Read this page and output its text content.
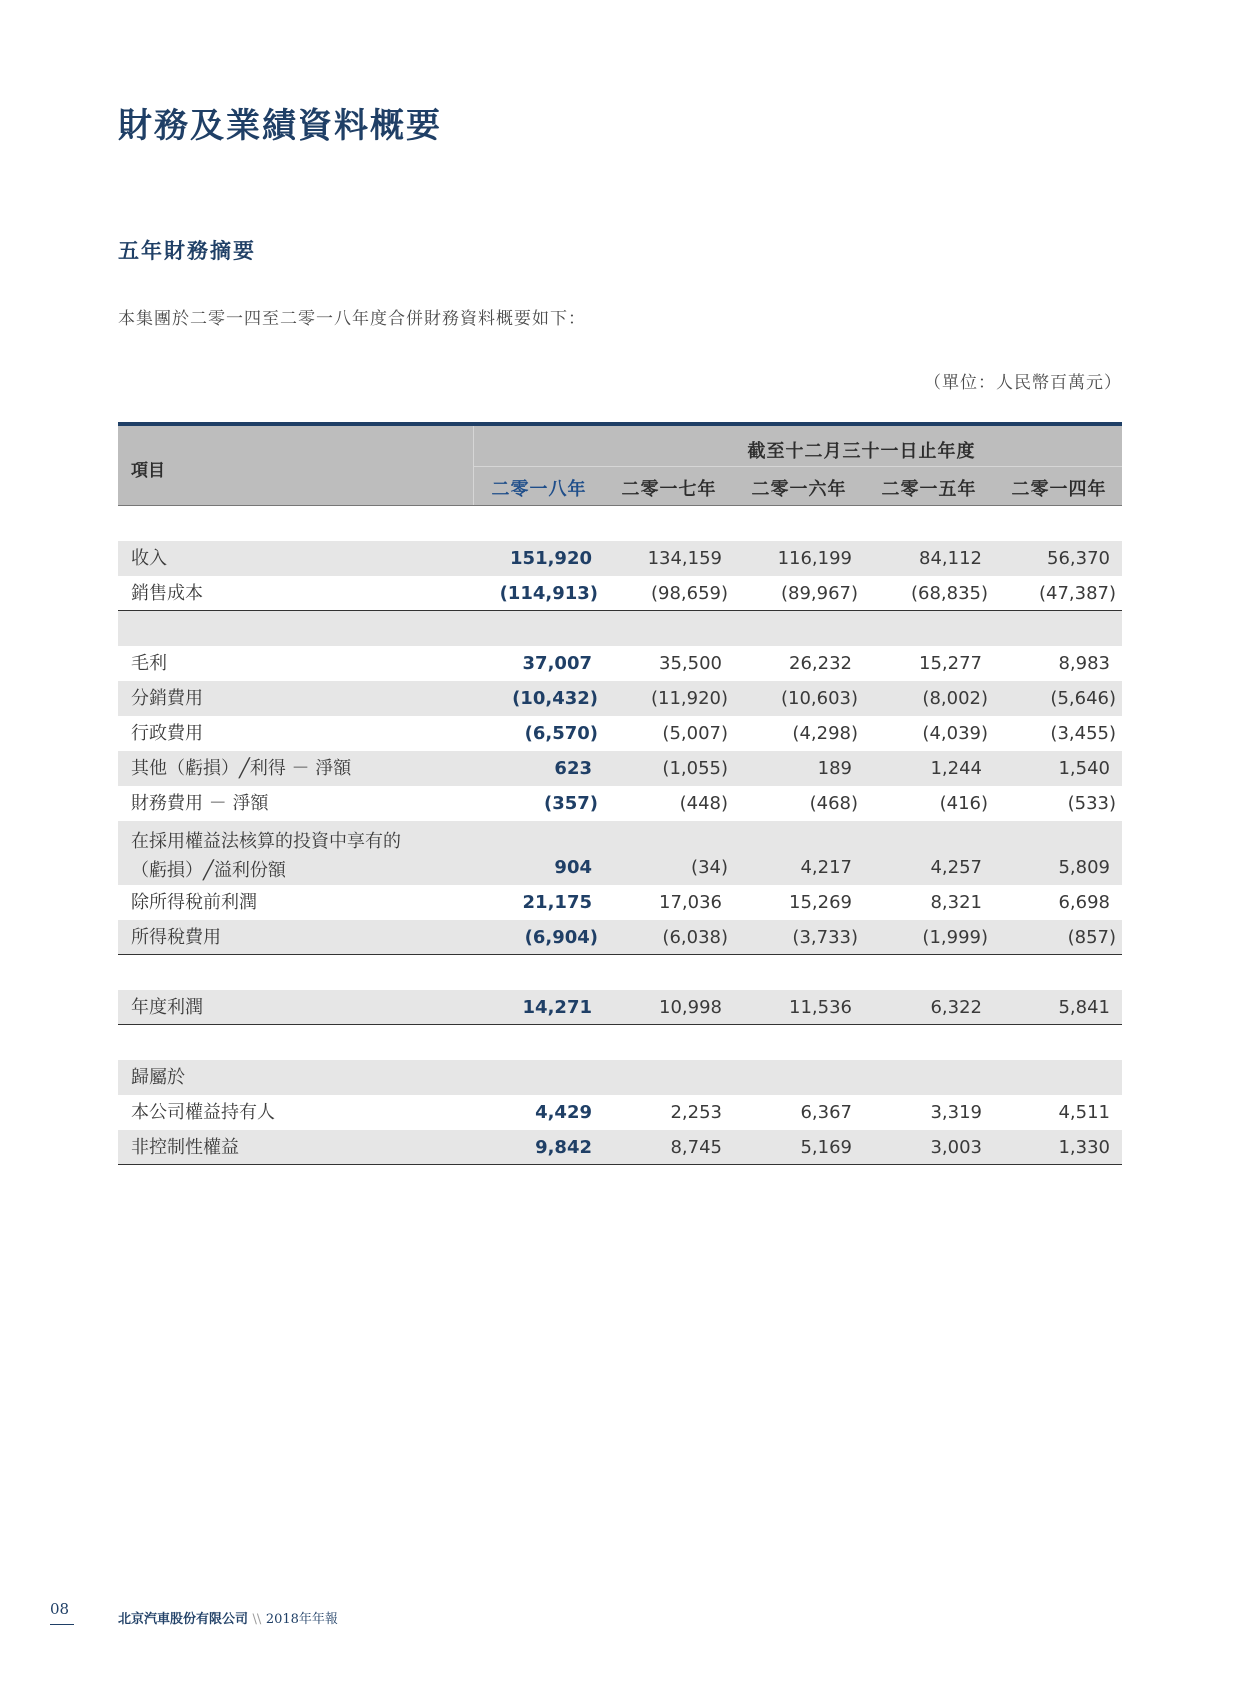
財務及業績資料概要
五年財務摘要
本集團於二零一四至二零一八年度合併財務資料概要如下：
（單位：人民幣百萬元）
項目
截至十二月三十一日止年度
二零一八年	二零一七年	二零一六年	二零一五年	二零一四年
收入	151,920	134,159	116,199	84,112	56,370
銷售成本	(114,913)	(98,659)	(89,967)	(68,835)	(47,387)
毛利	37,007	35,500	26,232	15,277	8,983
分銷費用	(10,432)	(11,920)	(10,603)	(8,002)	(5,646)
行政費用	(6,570)	(5,007)	(4,298)	(4,039)	(3,455)
其他（虧損）╱利得 － 淨額	623	(1,055)	189	1,244	1,540
財務費用 － 淨額	(357)	(448)	(468)	(416)	(533)
在採用權益法核算的投資中享有的
（虧損）╱溢利份額	904	(34)	4,217	4,257	5,809
除所得稅前利潤	21,175	17,036	15,269	8,321	6,698
所得稅費用	(6,904)	(6,038)	(3,733)	(1,999)	(857)
年度利潤	14,271	10,998	11,536	6,322	5,841
歸屬於
本公司權益持有人	4,429	2,253	6,367	3,319	4,511
非控制性權益	9,842	8,745	5,169	3,003	1,330
08
北京汽車股份有限公司 \\ 2018年年報
